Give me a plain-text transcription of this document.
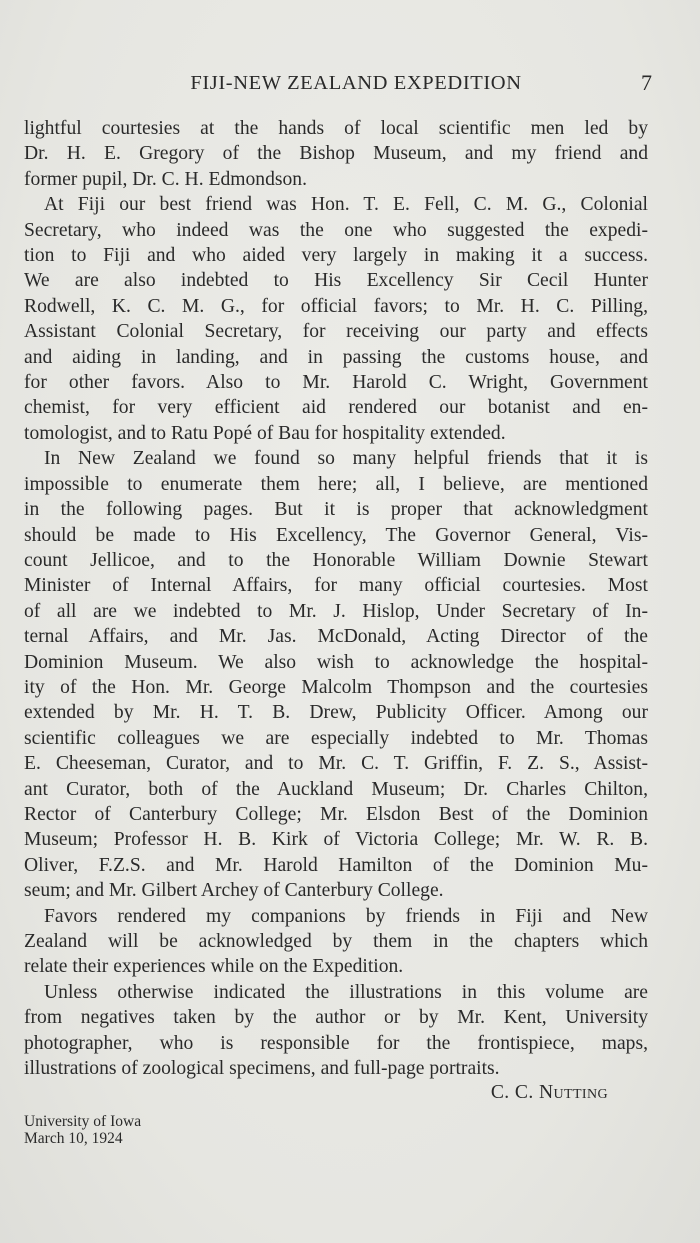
FIJI-NEW ZEALAND EXPEDITION	7

lightful courtesies at the hands of local scientific men led by
Dr. H. E. Gregory of the Bishop Museum, and my friend and
former pupil, Dr. C. H. Edmondson.

At Fiji our best friend was Hon. T. E. Fell, C. M. G., Colonial
Secretary, who indeed was the one who suggested the expedi-
tion to Fiji and who aided very largely in making it a success.
We are also indebted to His Excellency Sir Cecil Hunter
Rodwell, K. C. M. G., for official favors; to Mr. H. C. Pilling,
Assistant Colonial Secretary, for receiving our party and effects
and aiding in landing, and in passing the customs house, and
for other favors. Also to Mr. Harold C. Wright, Government
chemist, for very efficient aid rendered our botanist and en-
tomologist, and to Ratu Popé of Bau for hospitality extended.

In New Zealand we found so many helpful friends that it is
impossible to enumerate them here; all, I believe, are mentioned
in the following pages. But it is proper that acknowledgment
should be made to His Excellency, The Governor General, Vis-
count Jellicoe, and to the Honorable William Downie Stewart
Minister of Internal Affairs, for many official courtesies. Most
of all are we indebted to Mr. J. Hislop, Under Secretary of In-
ternal Affairs, and Mr. Jas. McDonald, Acting Director of the
Dominion Museum. We also wish to acknowledge the hospital-
ity of the Hon. Mr. George Malcolm Thompson and the courtesies
extended by Mr. H. T. B. Drew, Publicity Officer. Among our
scientific colleagues we are especially indebted to Mr. Thomas
E. Cheeseman, Curator, and to Mr. C. T. Griffin, F. Z. S., Assist-
ant Curator, both of the Auckland Museum; Dr. Charles Chilton,
Rector of Canterbury College; Mr. Elsdon Best of the Dominion
Museum; Professor H. B. Kirk of Victoria College; Mr. W. R. B.
Oliver, F.Z.S. and Mr. Harold Hamilton of the Dominion Mu-
seum; and Mr. Gilbert Archey of Canterbury College.

Favors rendered my companions by friends in Fiji and New
Zealand will be acknowledged by them in the chapters which
relate their experiences while on the Expedition.

Unless otherwise indicated the illustrations in this volume are
from negatives taken by the author or by Mr. Kent, University
photographer, who is responsible for the frontispiece, maps,
illustrations of zoological specimens, and full-page portraits.

C. C. Nutting
University of Iowa
March 10, 1924
